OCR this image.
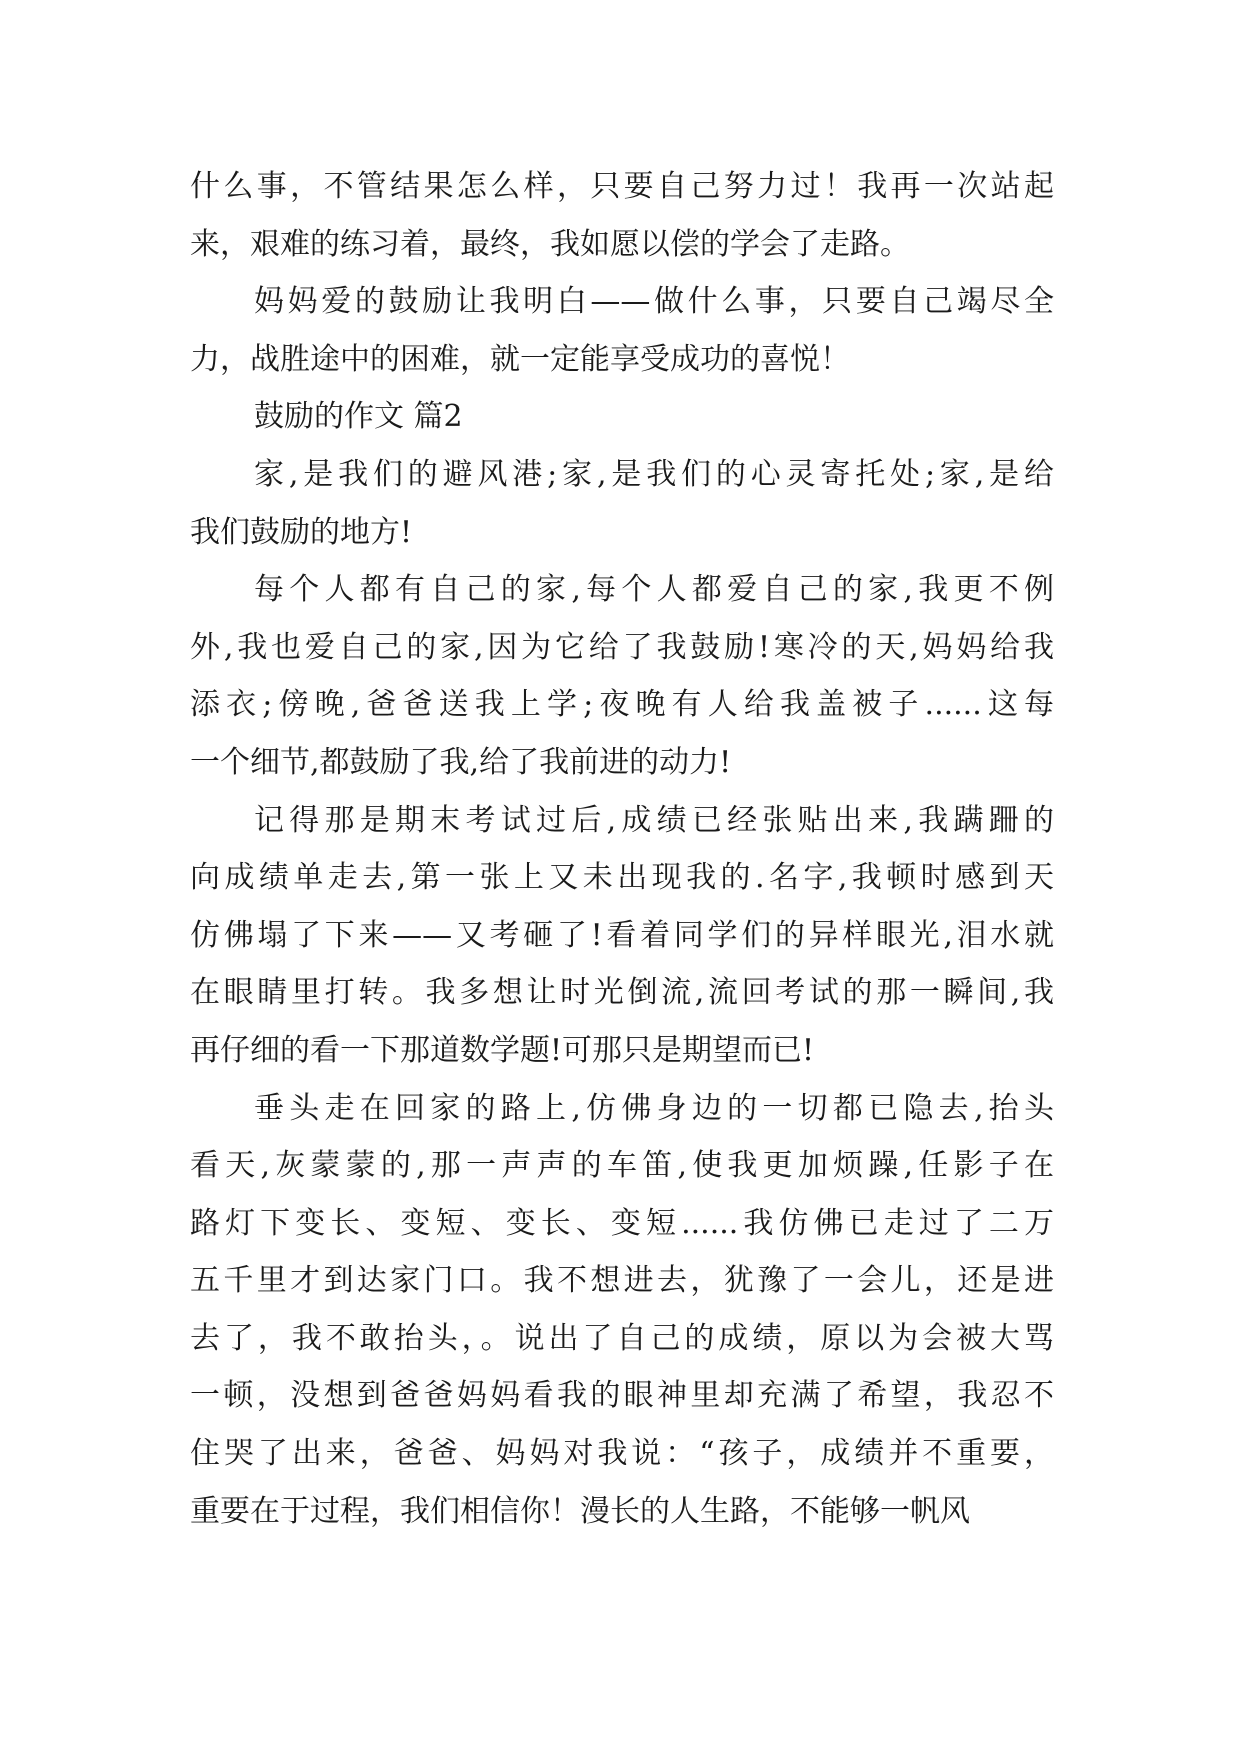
什么事，不管结果怎么样，只要自己努力过！我再一次站起
来，艰难的练习着，最终，我如愿以偿的学会了走路。
妈妈爱的鼓励让我明白——做什么事，只要自己竭尽全
力，战胜途中的困难，就一定能享受成功的喜悦！
鼓励的作文 篇2
家,是我们的避风港;家,是我们的心灵寄托处;家,是给
我们鼓励的地方!
每个人都有自己的家,每个人都爱自己的家,我更不例
外,我也爱自己的家,因为它给了我鼓励!寒冷的天,妈妈给我
添衣;傍晚,爸爸送我上学;夜晚有人给我盖被子......这每
一个细节,都鼓励了我,给了我前进的动力!
记得那是期末考试过后,成绩已经张贴出来,我蹒跚的
向成绩单走去,第一张上又未出现我的.名字,我顿时感到天
仿佛塌了下来——又考砸了!看着同学们的异样眼光,泪水就
在眼睛里打转。我多想让时光倒流,流回考试的那一瞬间,我
再仔细的看一下那道数学题!可那只是期望而已!
垂头走在回家的路上,仿佛身边的一切都已隐去,抬头
看天,灰蒙蒙的,那一声声的车笛,使我更加烦躁,任影子在
路灯下变长、变短、变长、变短......我仿佛已走过了二万
五千里才到达家门口。我不想进去，犹豫了一会儿，还是进
去了，我不敢抬头，。说出了自己的成绩，原以为会被大骂
一顿，没想到爸爸妈妈看我的眼神里却充满了希望，我忍不
住哭了出来，爸爸、妈妈对我说：“孩子，成绩并不重要，
重要在于过程，我们相信你！漫长的人生路，不能够一帆风
